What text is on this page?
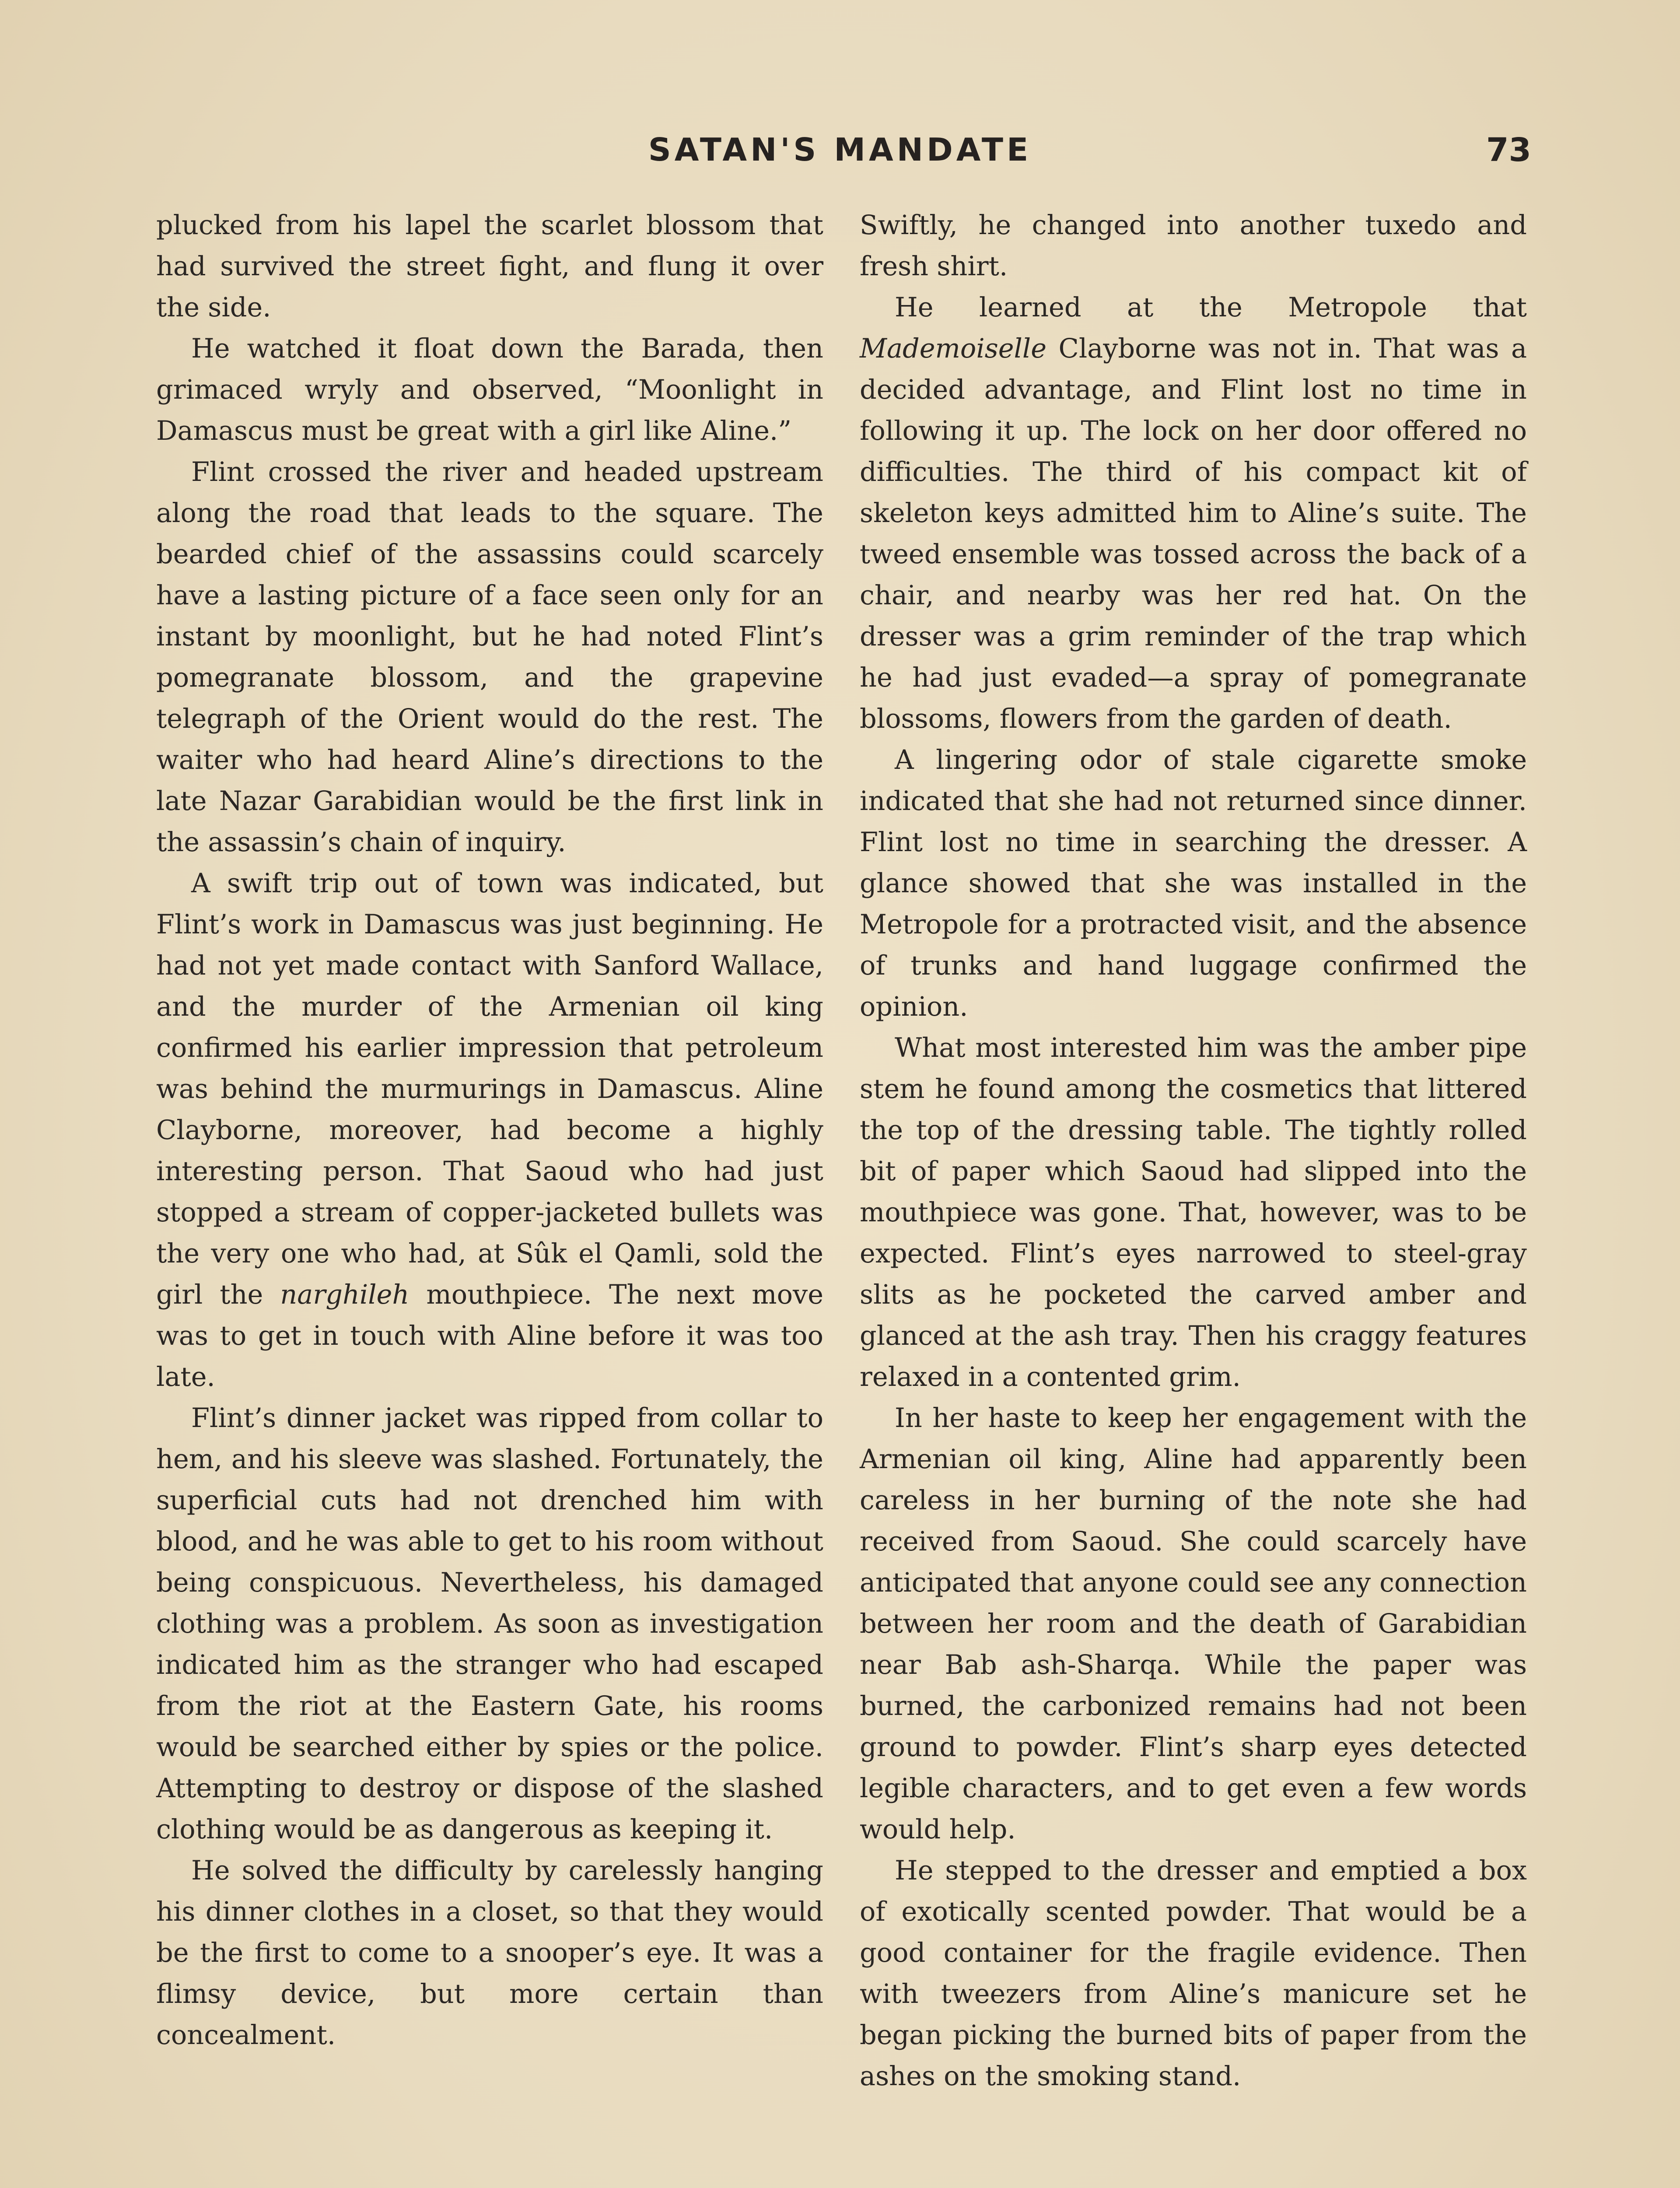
SATAN'S MANDATE	73

plucked from his lapel the scarlet blossom that had survived the street fight, and flung it over the side.

He watched it float down the Barada, then grimaced wryly and observed, “Moonlight in Damascus must be great with a girl like Aline.”

Flint crossed the river and headed upstream along the road that leads to the square. The bearded chief of the assassins could scarcely have a lasting picture of a face seen only for an instant by moonlight, but he had noted Flint’s pomegranate blossom, and the grapevine telegraph of the Orient would do the rest. The waiter who had heard Aline’s directions to the late Nazar Garabidian would be the first link in the assassin’s chain of inquiry.

A swift trip out of town was indicated, but Flint’s work in Damascus was just beginning. He had not yet made contact with Sanford Wallace, and the murder of the Armenian oil king confirmed his earlier impression that petroleum was behind the murmurings in Damascus. Aline Clayborne, moreover, had become a highly interesting person. That Saoud who had just stopped a stream of copper-jacketed bullets was the very one who had, at Sûk el Qamli, sold the girl the narghileh mouthpiece. The next move was to get in touch with Aline before it was too late.

Flint’s dinner jacket was ripped from collar to hem, and his sleeve was slashed. Fortunately, the superficial cuts had not drenched him with blood, and he was able to get to his room without being conspicuous. Nevertheless, his damaged clothing was a problem. As soon as investigation indicated him as the stranger who had escaped from the riot at the Eastern Gate, his rooms would be searched either by spies or the police. Attempting to destroy or dispose of the slashed clothing would be as dangerous as keeping it.

He solved the difficulty by carelessly hanging his dinner clothes in a closet, so that they would be the first to come to a snooper’s eye. It was a flimsy device, but more certain than concealment.

Swiftly, he changed into another tuxedo and fresh shirt.

He learned at the Metropole that Mademoiselle Clayborne was not in. That was a decided advantage, and Flint lost no time in following it up. The lock on her door offered no difficulties. The third of his compact kit of skeleton keys admitted him to Aline’s suite. The tweed ensemble was tossed across the back of a chair, and nearby was her red hat. On the dresser was a grim reminder of the trap which he had just evaded—a spray of pomegranate blossoms, flowers from the garden of death.

A lingering odor of stale cigarette smoke indicated that she had not returned since dinner. Flint lost no time in searching the dresser. A glance showed that she was installed in the Metropole for a protracted visit, and the absence of trunks and hand luggage confirmed the opinion.

What most interested him was the amber pipe stem he found among the cosmetics that littered the top of the dressing table. The tightly rolled bit of paper which Saoud had slipped into the mouthpiece was gone. That, however, was to be expected. Flint’s eyes narrowed to steel-gray slits as he pocketed the carved amber and glanced at the ash tray. Then his craggy features relaxed in a contented grim.

In her haste to keep her engagement with the Armenian oil king, Aline had apparently been careless in her burning of the note she had received from Saoud. She could scarcely have anticipated that anyone could see any connection between her room and the death of Garabidian near Bab ash-Sharqa. While the paper was burned, the carbonized remains had not been ground to powder. Flint’s sharp eyes detected legible characters, and to get even a few words would help.

He stepped to the dresser and emptied a box of exotically scented powder. That would be a good container for the fragile evidence. Then with tweezers from Aline’s manicure set he began picking the burned bits of paper from the ashes on the smoking stand.
